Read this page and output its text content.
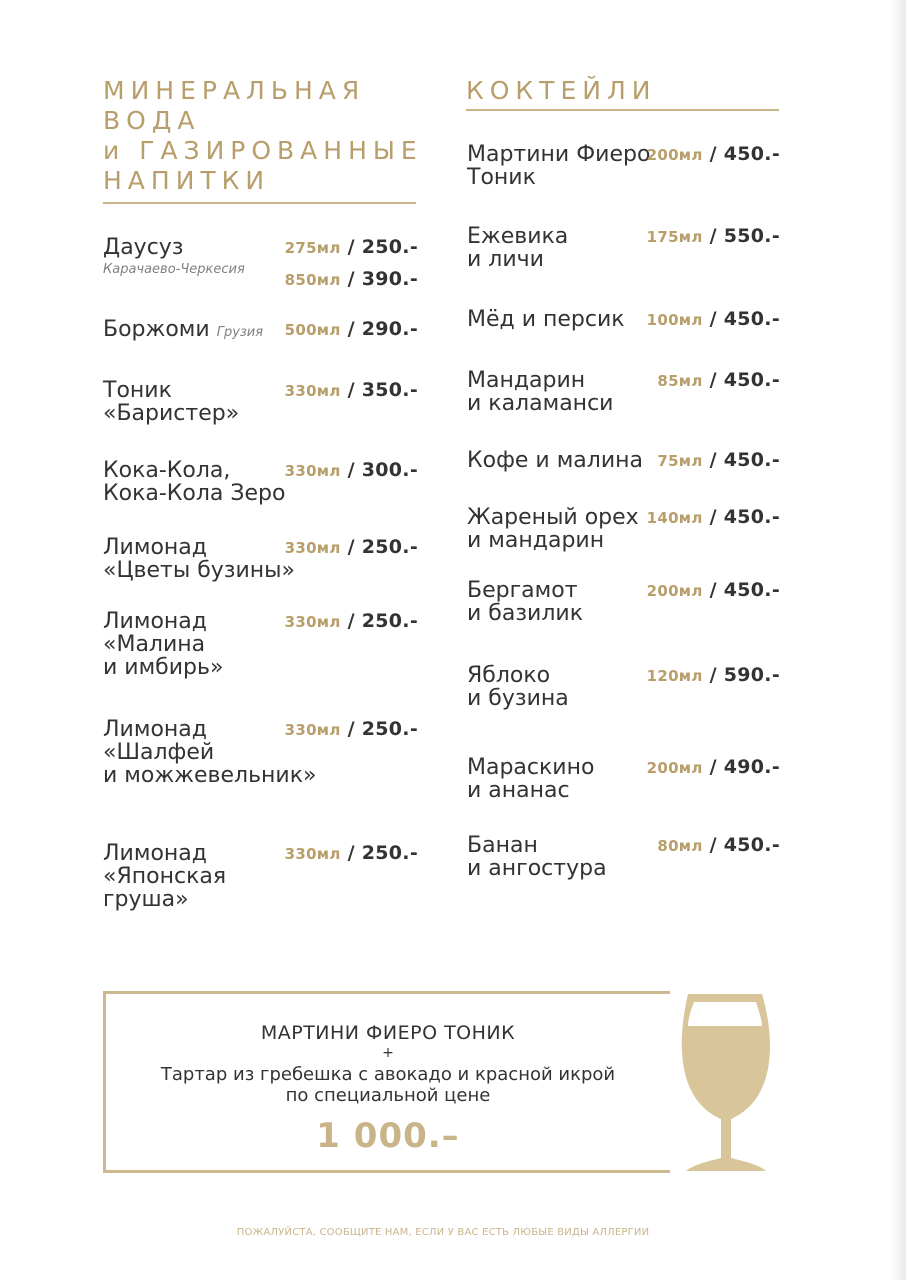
МИНЕРАЛЬНАЯ
ВОДА
и ГАЗИРОВАННЫЕ
НАПИТКИ
Даусуз
Карачаево-Черкесия
275мл / 250.-
850мл / 390.-
Боржоми Грузия 500мл / 290.-
Тоник
«Баристер»
330мл / 350.-
Кока-Кола,
Кока-Кола Зеро
330мл / 300.-
Лимонад
«Цветы бузины»
330мл / 250.-
Лимонад
«Малина
и имбирь»
330мл / 250.-
Лимонад
«Шалфей
и можжевельник»
330мл / 250.-
Лимонад
«Японская
груша»
330мл / 250.-
КОКТЕЙЛИ
Мартини Фиеро
Тоник
200мл / 450.-
Ежевика
и личи
175мл / 550.-
Мёд и персик 100мл / 450.-
Мандарин
и каламанси
85мл / 450.-
Кофе и малина 75мл / 450.-
Жареный орех
и мандарин
140мл / 450.-
Бергамот
и базилик
200мл / 450.-
Яблоко
и бузина
120мл / 590.-
Мараскино
и ананас
200мл / 490.-
Банан
и ангостура
80мл / 450.-
МАРТИНИ ФИЕРО ТОНИК
+
Тартар из гребешка с авокадо и красной икрой
по специальной цене
1 000.–
ПОЖАЛУЙСТА, СООБЩИТЕ НАМ, ЕСЛИ У ВАС ЕСТЬ ЛЮБЫЕ ВИДЫ АЛЛЕРГИИ
